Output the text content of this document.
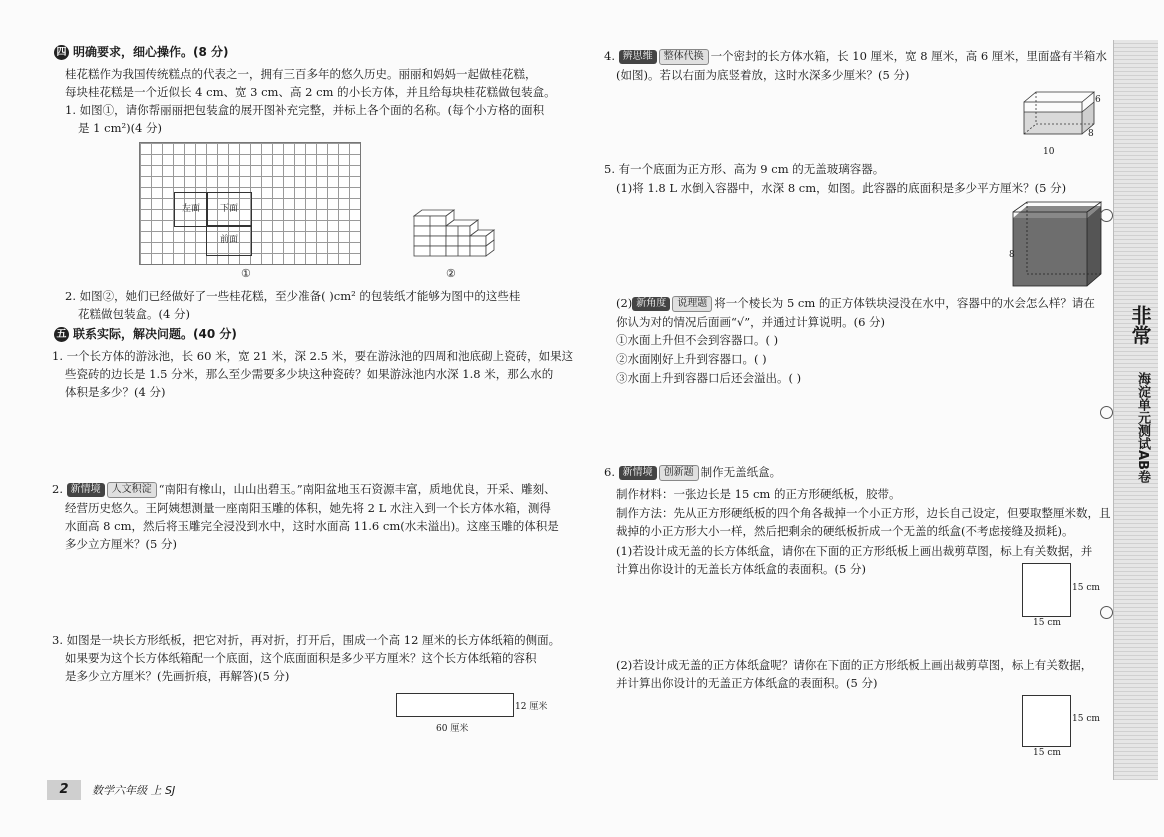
四 明确要求，细心操作。(8 分)
桂花糕作为我国传统糕点的代表之一，拥有三百多年的悠久历史。丽丽和妈妈一起做桂花糕，
每块桂花糕是一个近似长 4 cm、宽 3 cm、高 2 cm 的小长方体，并且给每块桂花糕做包装盒。
1. 如图①，请你帮丽丽把包装盒的展开图补充完整，并标上各个面的名称。(每个小方格的面积
是 1 cm²)(4 分)
左面	下面
前面
①	②
2. 如图②，她们已经做好了一些桂花糕，至少准备( )cm² 的包装纸才能够为图中的这些桂
花糕做包装盒。(4 分)
五 联系实际，解决问题。(40 分)
1. 一个长方体的游泳池，长 60 米，宽 21 米，深 2.5 米，要在游泳池的四周和池底砌上瓷砖，如果这
些瓷砖的边长是 1.5 分米，那么至少需要多少块这种瓷砖？如果游泳池内水深 1.8 米，那么水的
体积是多少？(4 分)
2. 新情境 人文积淀 “南阳有橡山，山山出碧玉。”南阳盆地玉石资源丰富，质地优良，开采、雕刻、
经营历史悠久。王阿姨想测量一座南阳玉雕的体积，她先将 2 L 水注入到一个长方体水箱，测得
水面高 8 cm，然后将玉雕完全浸没到水中，这时水面高 11.6 cm(水未溢出)。这座玉雕的体积是
多少立方厘米？(5 分)
3. 如图是一块长方形纸板，把它对折，再对折，打开后，围成一个高 12 厘米的长方体纸箱的侧面。
如果要为这个长方体纸箱配一个底面，这个底面面积是多少平方厘米？这个长方体纸箱的容积
是多少立方厘米？(先画折痕，再解答)(5 分)
12 厘米
60 厘米
2	数学六年级 上 SJ
4. 辨思维 整体代换 一个密封的长方体水箱，长 10 厘米，宽 8 厘米，高 6 厘米，里面盛有半箱水
(如图)。若以右面为底竖着放，这时水深多少厘米？(5 分)
10
8
6
5. 有一个底面为正方形、高为 9 cm 的无盖玻璃容器。
(1)将 1.8 L 水倒入容器中，水深 8 cm，如图。此容器的底面积是多少平方厘米？(5 分)
8
(2) 新角度 说理题 将一个棱长为 5 cm 的正方体铁块浸没在水中，容器中的水会怎么样？请在
你认为对的情况后面画“√”，并通过计算说明。(6 分)
①水面上升但不会到容器口。( )
②水面刚好上升到容器口。( )
③水面上升到容器口后还会溢出。( )
6. 新情境 创新题 制作无盖纸盒。
制作材料：一张边长是 15 cm 的正方形硬纸板，胶带。
制作方法：先从正方形硬纸板的四个角各裁掉一个小正方形，边长自己设定，但要取整厘米数，且
裁掉的小正方形大小一样，然后把剩余的硬纸板折成一个无盖的纸盒(不考虑接缝及损耗)。
(1)若设计成无盖的长方体纸盒，请你在下面的正方形纸板上画出裁剪草图，标上有关数据，并
计算出你设计的无盖长方体纸盒的表面积。(5 分)
15 cm
15 cm
(2)若设计成无盖的正方体纸盒呢？请你在下面的正方形纸板上画出裁剪草图，标上有关数据，
并计算出你设计的无盖正方体纸盒的表面积。(5 分)
15 cm
15 cm
非常
海淀单元测试AB卷
